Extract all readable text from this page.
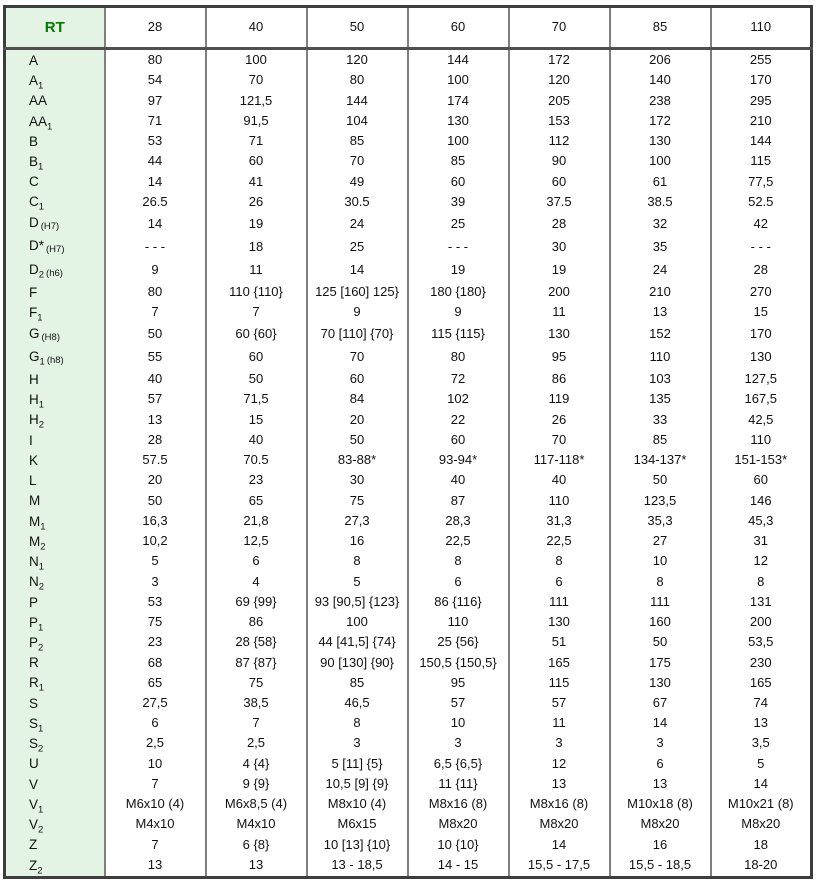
RT	28	40	50	60	70	85	110
A	80	100	120	144	172	206	255
$A_1$	54	70	80	100	120	140	170
AA	97	121,5	144	174	205	238	295
$AA_1$	71	91,5	104	130	153	172	210
B	53	71	85	100	112	130	144
$B_1$	44	60	70	85	90	100	115
C	14	41	49	60	60	61	77,5
$C_1$	26.5	26	30.5	39	37.5	38.5	52.5
D (H7)	14	19	24	25	28	32	42
D* (H7)	- - -	18	25	- - -	30	35	- - -
$D_2$ (h6)	9	11	14	19	19	24	28
F	80	110 {110}	125 [160] 125}	180 {180}	200	210	270
$F_1$	7	7	9	9	11	13	15
G (H8)	50	60 {60}	70 [110] {70}	115 {115}	130	152	170
$G_1$ (h8)	55	60	70	80	95	110	130
H	40	50	60	72	86	103	127,5
$H_1$	57	71,5	84	102	119	135	167,5
$H_2$	13	15	20	22	26	33	42,5
I	28	40	50	60	70	85	110
K	57.5	70.5	83-88*	93-94*	117-118*	134-137*	151-153*
L	20	23	30	40	40	50	60
M	50	65	75	87	110	123,5	146
$M_1$	16,3	21,8	27,3	28,3	31,3	35,3	45,3
$M_2$	10,2	12,5	16	22,5	22,5	27	31
$N_1$	5	6	8	8	8	10	12
$N_2$	3	4	5	6	6	8	8
P	53	69 {99}	93 [90,5] {123}	86 {116}	111	111	131
$P_1$	75	86	100	110	130	160	200
$P_2$	23	28 {58}	44 [41,5] {74}	25 {56}	51	50	53,5
R	68	87 {87}	90 [130] {90}	150,5 {150,5}	165	175	230
$R_1$	65	75	85	95	115	130	165
S	27,5	38,5	46,5	57	57	67	74
$S_1$	6	7	8	10	11	14	13
$S_2$	2,5	2,5	3	3	3	3	3,5
U	10	4 {4}	5 [11] {5}	6,5 {6,5}	12	6	5
V	7	9 {9}	10,5 [9] {9}	11 {11}	13	13	14
$V_1$	M6x10 (4)	M6x8,5 (4)	M8x10 (4)	M8x16 (8)	M8x16 (8)	M10x18 (8)	M10x21 (8)
$V_2$	M4x10	M4x10	M6x15	M8x20	M8x20	M8x20	M8x20
Z	7	6 {8}	10 [13] {10}	10 {10}	14	16	18
$Z_2$	13	13	13 - 18,5	14 - 15	15,5 - 17,5	15,5 - 18,5	18-20
